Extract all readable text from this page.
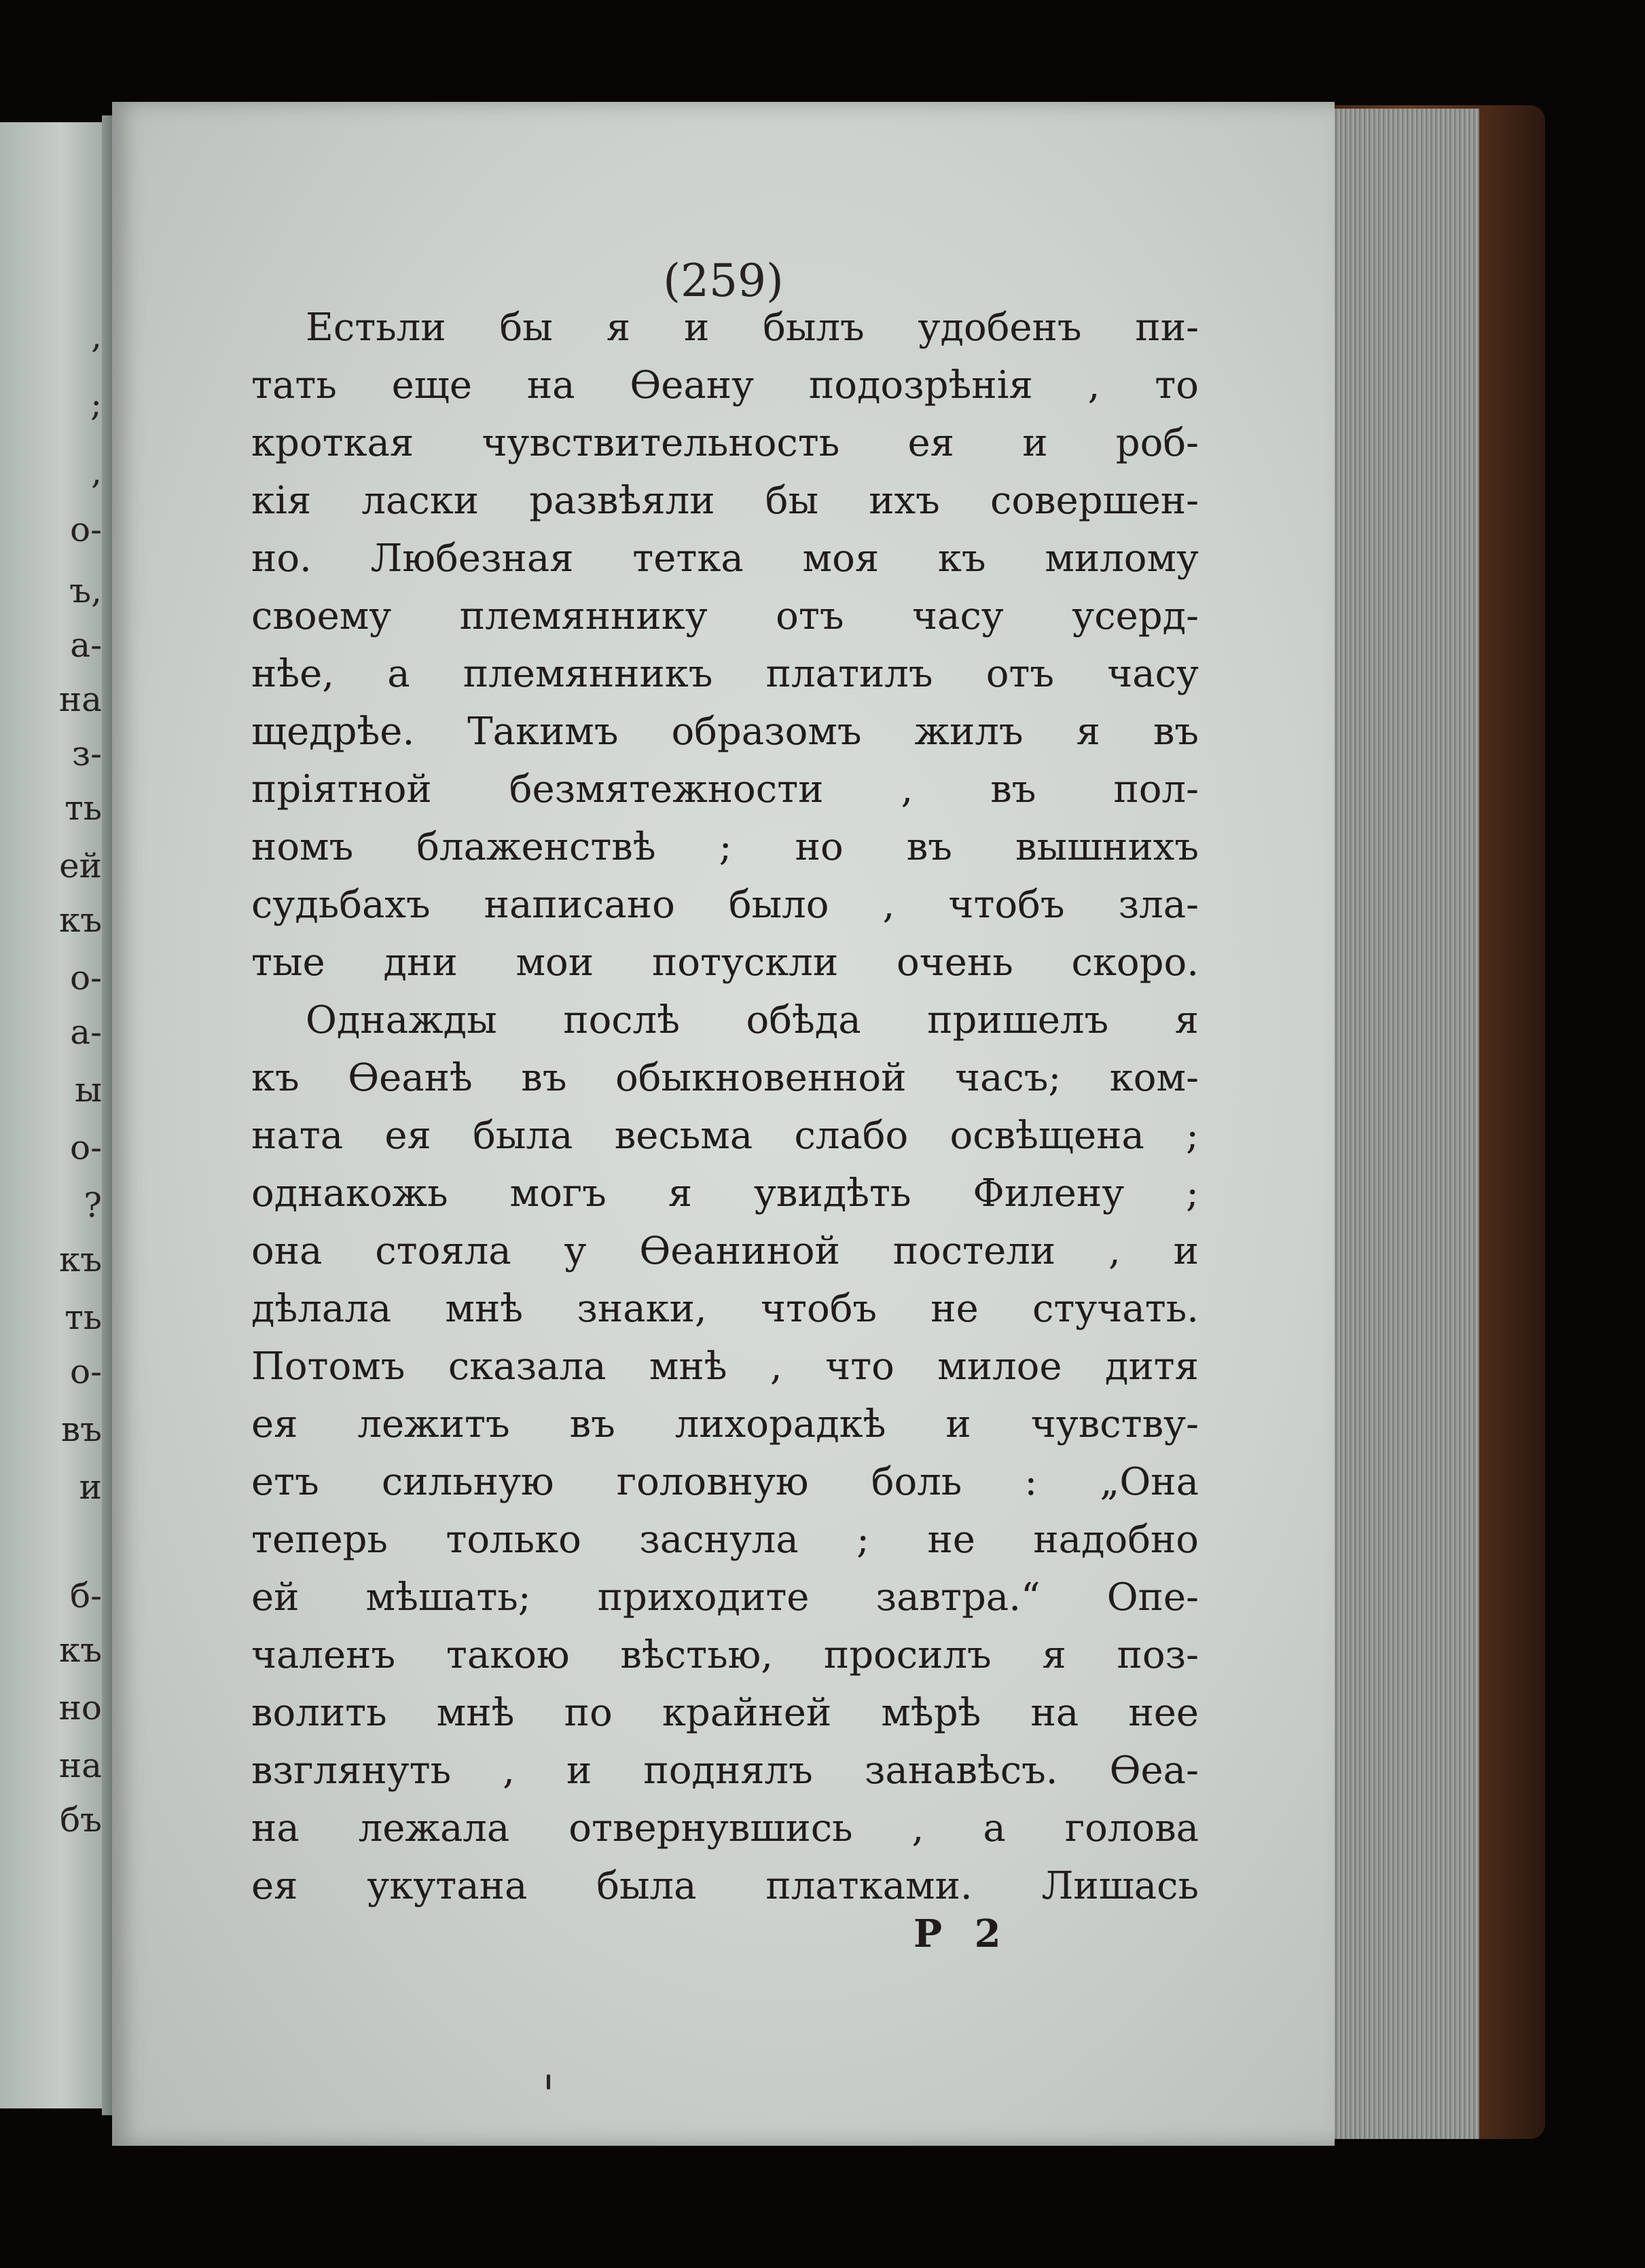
,
;
,
о-
ъ,
а-
на
з-
ть
ей
къ
о-
а-
ы
о-
?
къ
ть
о-
въ
и
б-
къ
но
на
бъ
(259)
Естьли бы я и былъ удобенъ пи-
тать еще на Ѳеану подозрѣнія , то
кроткая чувствительность ея и роб-
кія ласки развѣяли бы ихъ совершен-
но. Любезная тетка моя къ милому
своему племяннику отъ часу усерд-
нѣе, а племянникъ платилъ отъ часу
щедрѣе. Такимъ образомъ жилъ я въ
пріятной безмятежности , въ пол-
номъ блаженствѣ ; но въ вышнихъ
судьбахъ написано было , чтобъ зла-
тые дни мои потускли очень скоро.
Однажды послѣ обѣда пришелъ я
къ Ѳеанѣ въ обыкновенной часъ; ком-
ната ея была весьма слабо освѣщена ;
однакожь могъ я увидѣть Филену ;
она стояла у Ѳеаниной постели , и
дѣлала мнѣ знаки, чтобъ не стучать.
Потомъ сказала мнѣ , что милое дитя
ея лежитъ въ лихорадкѣ и чувству-
етъ сильную головную боль : „Она
теперь только заснула ; не надобно
ей мѣшать; приходите завтра.“ Опе-
чаленъ такою вѣстью, просилъ я поз-
волить мнѣ по крайней мѣрѣ на нее
взглянуть , и поднялъ занавѣсъ. Ѳеа-
на лежала отвернувшись , а голова
ея укутана была платками. Лишась
P 2
